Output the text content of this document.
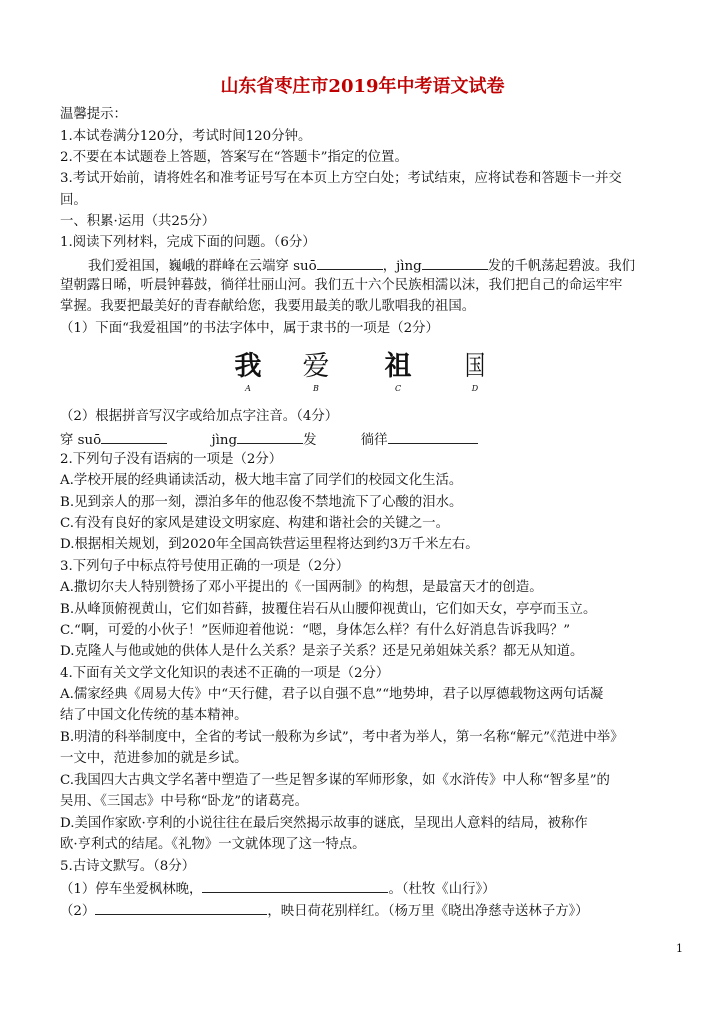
山东省枣庄市2019年中考语文试卷
温馨提示：
1.本试卷满分120分，考试时间120分钟。
2.不要在本试题卷上答题，答案写在“答题卡”指定的位置。
3.考试开始前，请将姓名和准考证号写在本页上方空白处；考试结束，应将试卷和答题卡一并交
回。
一、积累·运用（共25分）
1.阅读下列材料，完成下面的问题。（6分）
我们爱祖国，巍峨的群峰在云端穿 suō	，jìng	发的千帆荡起碧波。我们
望朝露日晞，听晨钟暮鼓，徜徉壮丽山河。我们五十六个民族相濡以沫，我们把自己的命运牢牢
掌握。我要把最美好的青春献给您，我要用最美的歌儿歌唱我的祖国。
（1）下面“我爱祖国”的书法字体中，属于隶书的一项是（2分）
我
A
爱
B
祖
C
国
D
（2）根据拼音写汉字或给加点字注音。（4分）
穿 suō	jìng	发	徜徉
2.下列句子没有语病的一项是（2分）
A.学校开展的经典诵读活动，极大地丰富了同学们的校园文化生活。
B.见到亲人的那一刻，漂泊多年的他忍俊不禁地流下了心酸的泪水。
C.有没有良好的家风是建设文明家庭、构建和谐社会的关键之一。
D.根据相关规划，到2020年全国高铁营运里程将达到约3万千米左右。
3.下列句子中标点符号使用正确的一项是（2分）
A.撒切尔夫人特别赞扬了邓小平提出的《一国两制》的构想，是最富天才的创造。
B.从峰顶俯视黄山，它们如苔藓，披覆住岩石从山腰仰视黄山，它们如天女，亭亭而玉立。
C.“啊，可爱的小伙子！”医师迎着他说：“嗯，身体怎么样？有什么好消息告诉我吗？”
D.克隆人与他或她的供体人是什么关系？是亲子关系？还是兄弟姐妹关系？都无从知道。
4.下面有关文学文化知识的表述不正确的一项是（2分）
A.儒家经典《周易大传》中“天行健，君子以自强不息”“地势坤，君子以厚德载物这两句话凝
结了中国文化传统的基本精神。
B.明清的科举制度中，全省的考试一般称为乡试”，考中者为举人，第一名称“解元”《范进中举》
一文中，范进参加的就是乡试。
C.我国四大古典文学名著中塑造了一些足智多谋的军师形象，如《水浒传》中人称“智多星”的
吴用、《三国志》中号称“卧龙”的诸葛亮。
D.美国作家欧·亨利的小说往往在最后突然揭示故事的谜底，呈现出人意料的结局，被称作
欧·亨利式的结尾。《礼物》一文就体现了这一特点。
5.古诗文默写。（8分）
（1）停车坐爱枫林晚，	。（杜牧《山行》）
（2）	，映日荷花别样红。（杨万里《晓出净慈寺送林子方》）
1
